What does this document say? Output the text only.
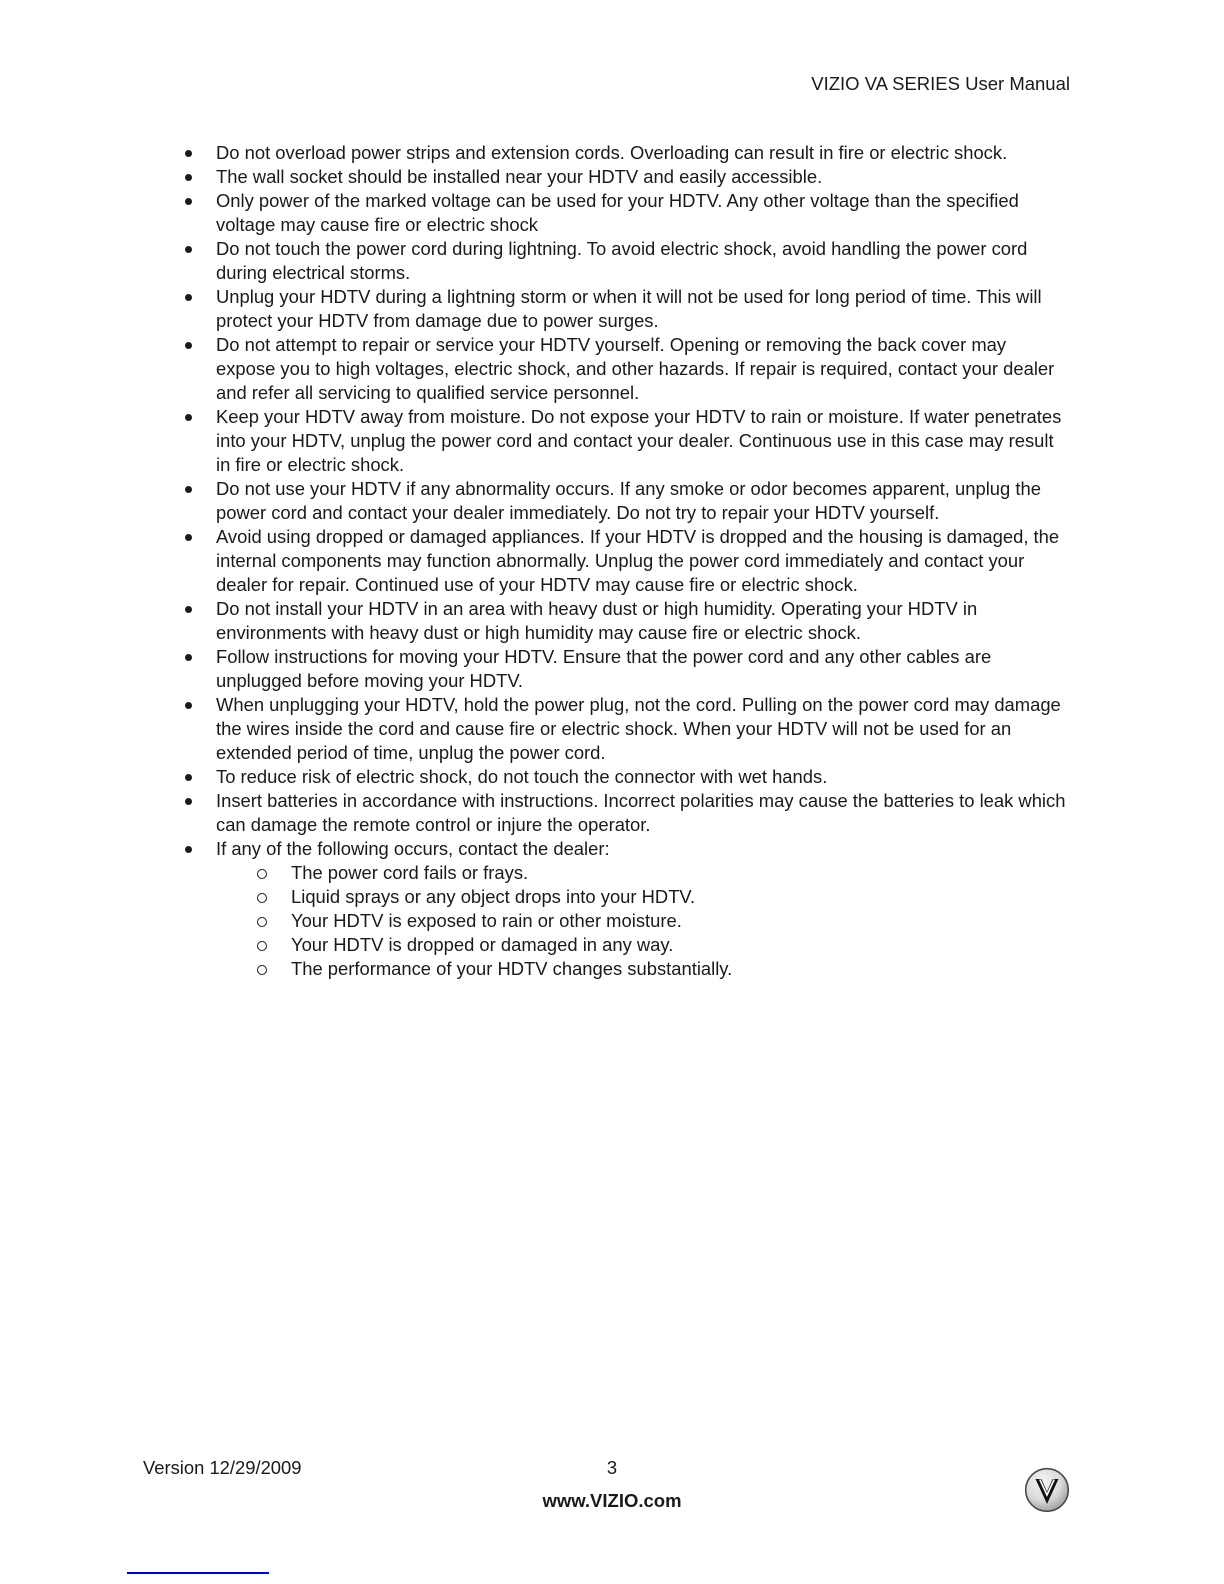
VIZIO VA SERIES User Manual
Do not overload power strips and extension cords. Overloading can result in fire or electric shock.
The wall socket should be installed near your HDTV and easily accessible.
Only power of the marked voltage can be used for your HDTV. Any other voltage than the specified voltage may cause fire or electric shock
Do not touch the power cord during lightning. To avoid electric shock, avoid handling the power cord during electrical storms.
Unplug your HDTV during a lightning storm or when it will not be used for long period of time. This will protect your HDTV from damage due to power surges.
Do not attempt to repair or service your HDTV yourself. Opening or removing the back cover may expose you to high voltages, electric shock, and other hazards. If repair is required, contact your dealer and refer all servicing to qualified service personnel.
Keep your HDTV away from moisture. Do not expose your HDTV to rain or moisture. If water penetrates into your HDTV, unplug the power cord and contact your dealer. Continuous use in this case may result in fire or electric shock.
Do not use your HDTV if any abnormality occurs. If any smoke or odor becomes apparent, unplug the power cord and contact your dealer immediately. Do not try to repair your HDTV yourself.
Avoid using dropped or damaged appliances. If your HDTV is dropped and the housing is damaged, the internal components may function abnormally. Unplug the power cord immediately and contact your dealer for repair. Continued use of your HDTV may cause fire or electric shock.
Do not install your HDTV in an area with heavy dust or high humidity. Operating your HDTV in environments with heavy dust or high humidity may cause fire or electric shock.
Follow instructions for moving your HDTV. Ensure that the power cord and any other cables are unplugged before moving your HDTV.
When unplugging your HDTV, hold the power plug, not the cord. Pulling on the power cord may damage the wires inside the cord and cause fire or electric shock. When your HDTV will not be used for an extended period of time, unplug the power cord.
To reduce risk of electric shock, do not touch the connector with wet hands.
Insert batteries in accordance with instructions. Incorrect polarities may cause the batteries to leak which can damage the remote control or injure the operator.
If any of the following occurs, contact the dealer:
The power cord fails or frays.
Liquid sprays or any object drops into your HDTV.
Your HDTV is exposed to rain or other moisture.
Your HDTV is dropped or damaged in any way.
The performance of your HDTV changes substantially.
Version 12/29/2009	3
www.VIZIO.com
